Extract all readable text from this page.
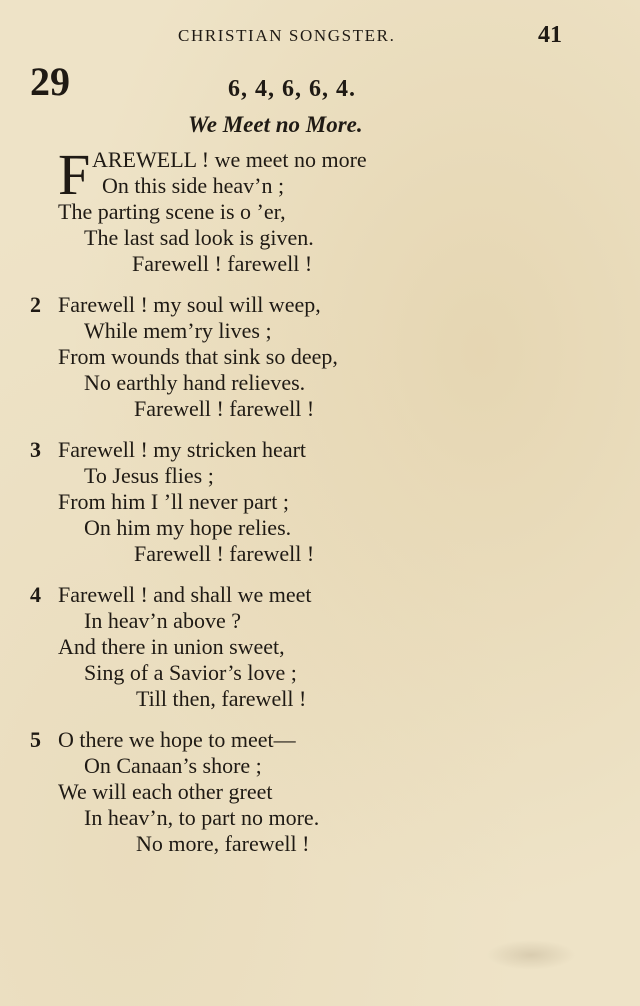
CHRISTIAN SONGSTER.	41
29	6, 4, 6, 6, 4.
We Meet no More.
F AREWELL ! we meet no more
On this side heav’n ;
The parting scene is o ’er,
The last sad look is given.
Farewell ! farewell !
2 Farewell ! my soul will weep,
While mem’ry lives ;
From wounds that sink so deep,
No earthly hand relieves.
Farewell ! farewell !
3 Farewell ! my stricken heart
To Jesus flies ;
From him I ’ll never part ;
On him my hope relies.
Farewell ! farewell !
4 Farewell ! and shall we meet
In heav’n above ?
And there in union sweet,
Sing of a Savior’s love ;
Till then, farewell !
5 O there we hope to meet—
On Canaan’s shore ;
We will each other greet
In heav’n, to part no more.
No more, farewell !
